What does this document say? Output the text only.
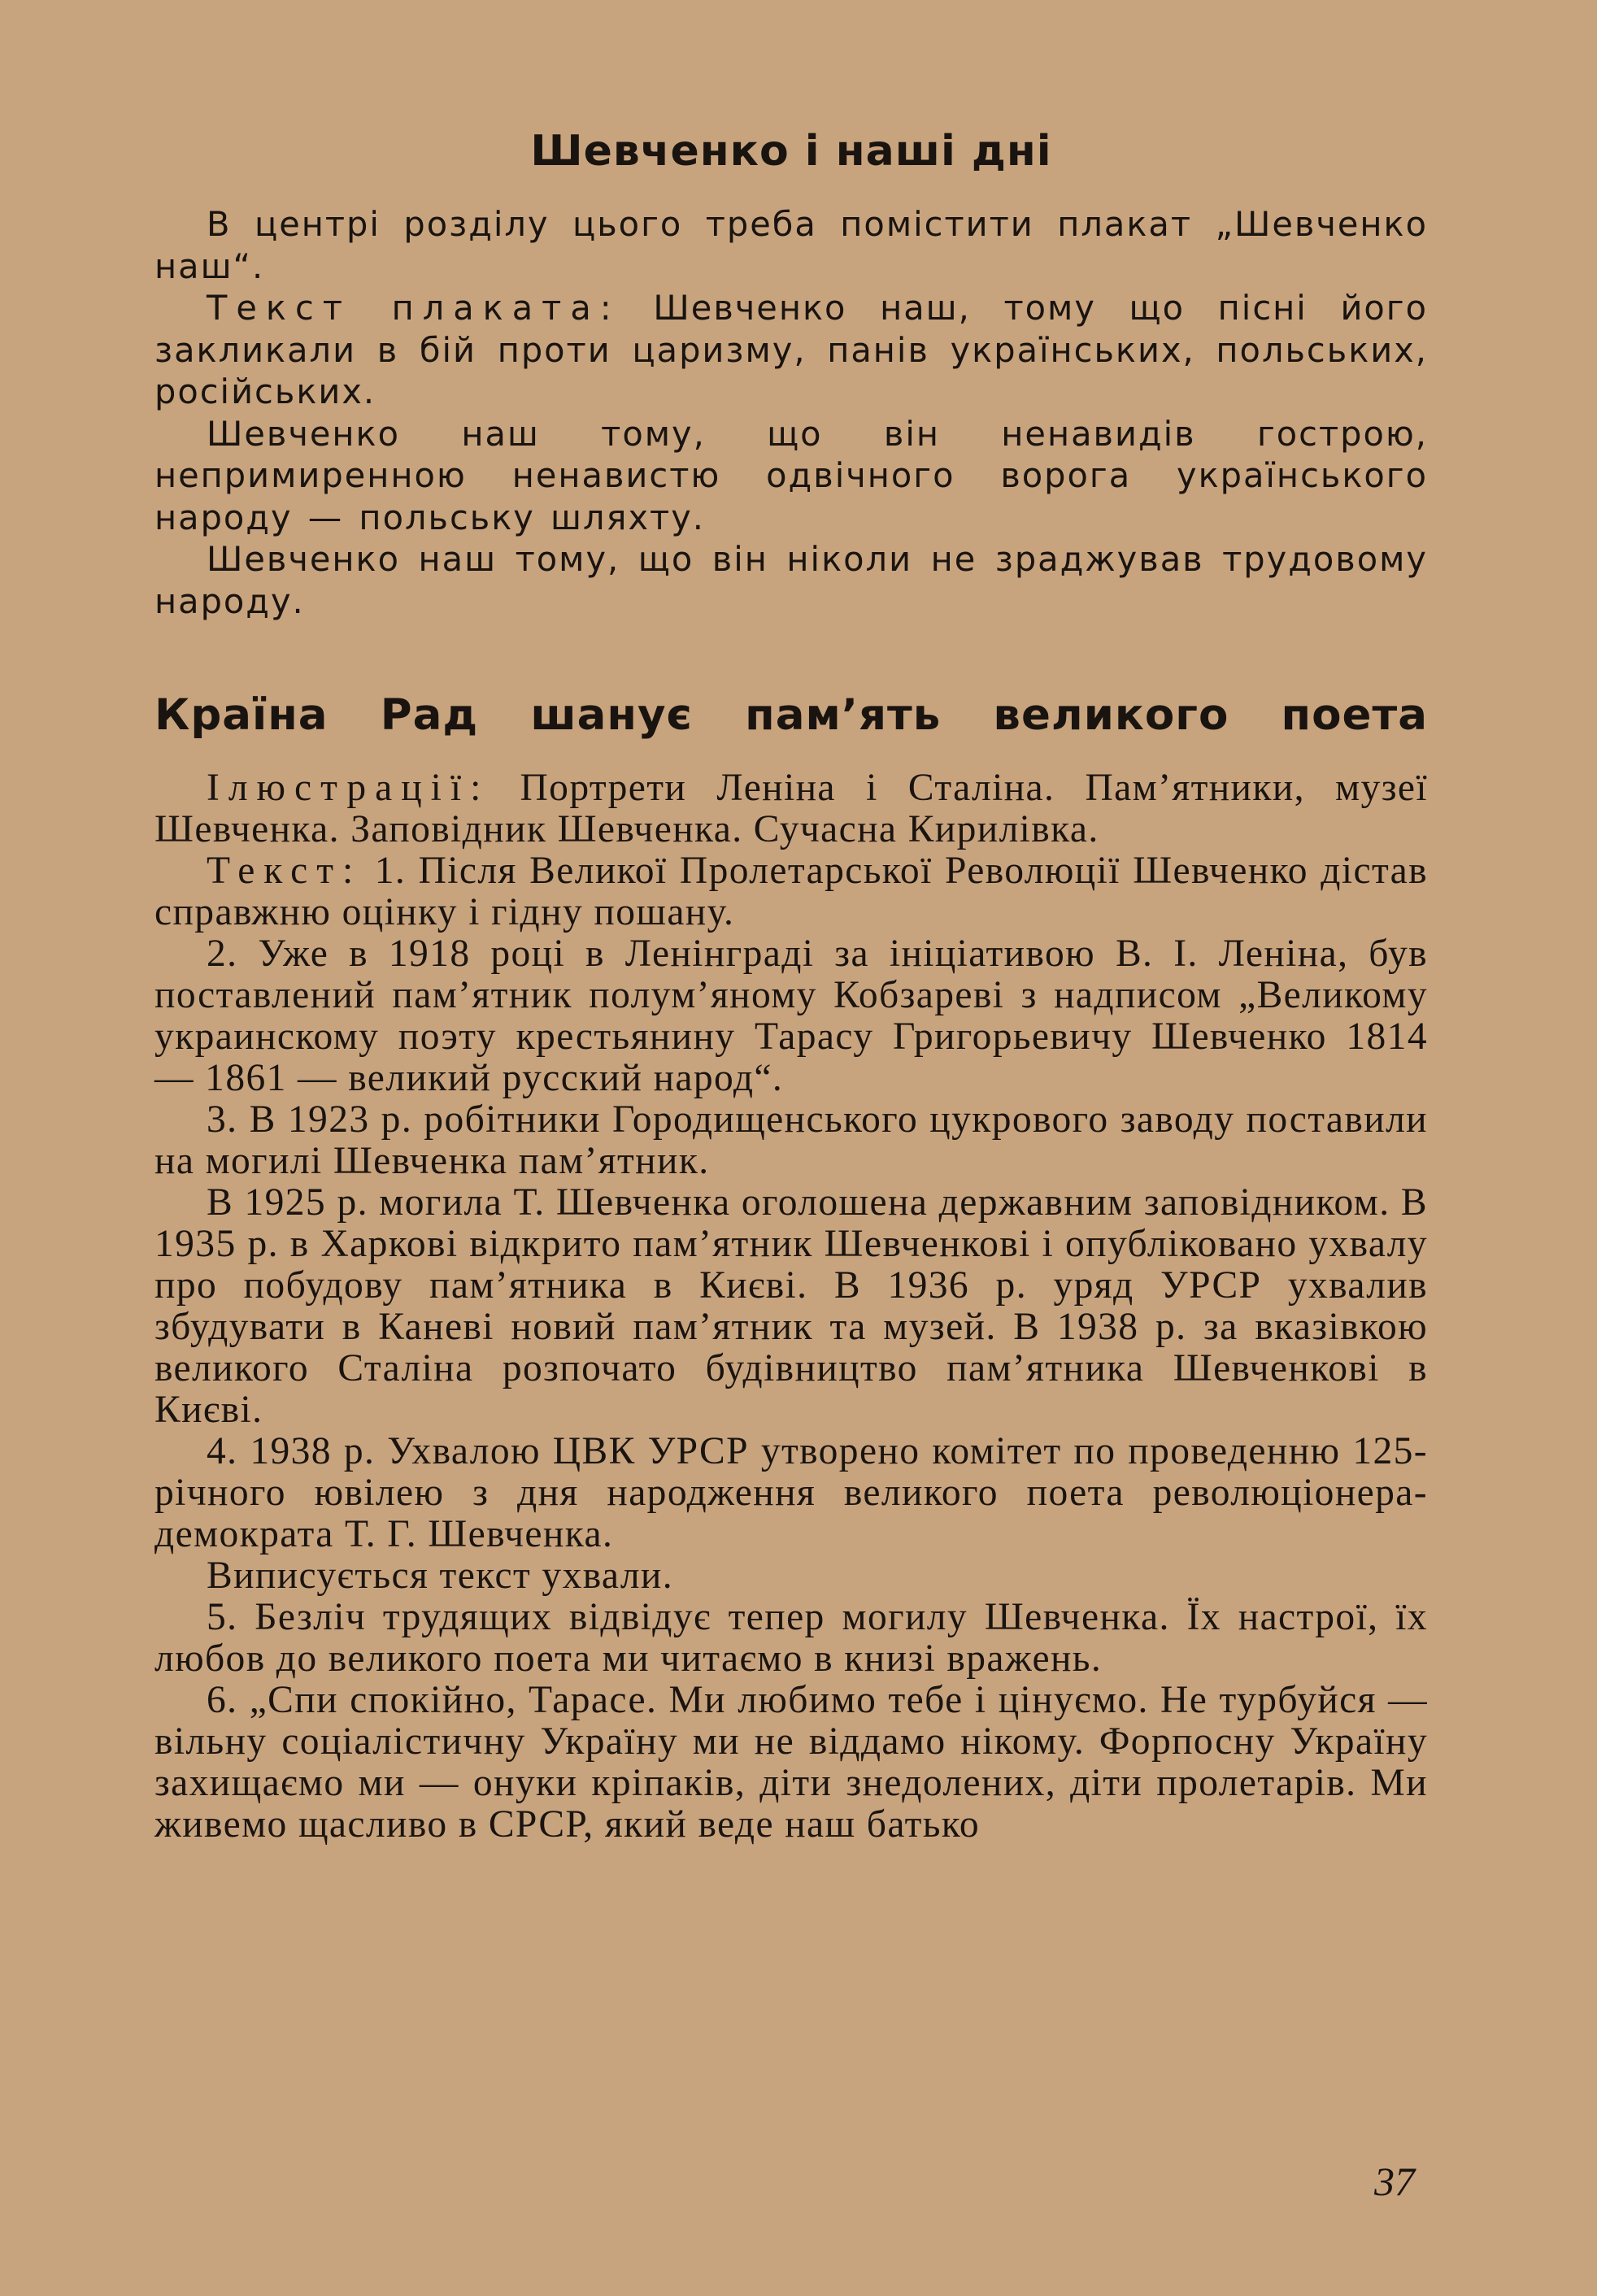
Шевченко і наші дні

В центрі розділу цього треба помістити плакат „Шевченко наш“.

Текст плаката: Шевченко наш, тому що пісні його закликали в бій проти царизму, панів українських, польських, російських.

Шевченко наш тому, що він ненавидів гострою, непримиренною ненавистю одвічного ворога українського народу — польську шляхту.

Шевченко наш тому, що він ніколи не зраджував трудовому народу.

Країна Рад шанує пам’ять великого поета

Ілюстрації: Портрети Леніна і Сталіна. Пам’ятники, музеї Шевченка. Заповідник Шевченка. Сучасна Кирилівка.

Текст: 1. Після Великої Пролетарської Революції Шевченко дістав справжню оцінку і гідну пошану.

2. Уже в 1918 році в Ленінграді за ініціативою В. І. Леніна, був поставлений пам’ятник полум’яному Кобзареві з надписом „Великому украинскому поэту крестьянину Тарасу Григорьевичу Шевченко 1814 — 1861 — великий русский народ“.

3. В 1923 р. робітники Городищенського цукрового заводу поставили на могилі Шевченка пам’ятник.

В 1925 р. могила Т. Шевченка оголошена державним заповідником. В 1935 р. в Харкові відкрито пам’ятник Шевченкові і опубліковано ухвалу про побудову пам’ятника в Києві. В 1936 р. уряд УРСР ухвалив збудувати в Каневі новий пам’ятник та музей. В 1938 р. за вказівкою великого Сталіна розпочато будівництво пам’ятника Шевченкові в Києві.

4. 1938 р. Ухвалою ЦВК УРСР утворено комітет по проведенню 125-річного ювілею з дня народження великого поета революціонера-демократа Т. Г. Шевченка.

Виписується текст ухвали.

5. Безліч трудящих відвідує тепер могилу Шевченка. Їх настрої, їх любов до великого поета ми читаємо в книзі вражень.

6. „Спи спокійно, Тарасе. Ми любимо тебе і цінуємо. Не турбуйся — вільну соціалістичну Україну ми не віддамо нікому. Форпосну Україну захищаємо ми — онуки кріпаків, діти знедолених, діти пролетарів. Ми живемо щасливо в СРСР, який веде наш батько

37
